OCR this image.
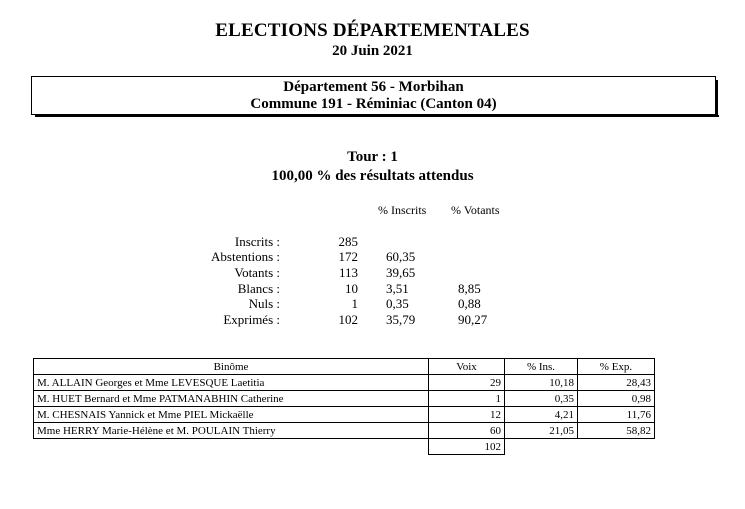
ELECTIONS DÉPARTEMENTALES
20 Juin 2021
Département 56 - Morbihan
Commune 191 - Réminiac (Canton 04)
Tour : 1
100,00 % des résultats attendus
% Inscrits % Votants
Inscrits :	285
Abstentions :	172 60,35
Votants :	113 39,65
Blancs :	10 3,51	8,85
Nuls :	1 0,35	0,88
Exprimés :	102 35,79	90,27
Binôme	Voix	% Ins.	% Exp.
M. ALLAIN Georges et Mme LEVESQUE Laetitia	29	10,18	28,43
M. HUET Bernard et Mme PATMANABHIN Catherine	1	0,35	0,98
M. CHESNAIS Yannick et Mme PIEL Mickaëlle	12	4,21	11,76
Mme HERRY Marie-Hélène et M. POULAIN Thierry	60	21,05	58,82
	102		
